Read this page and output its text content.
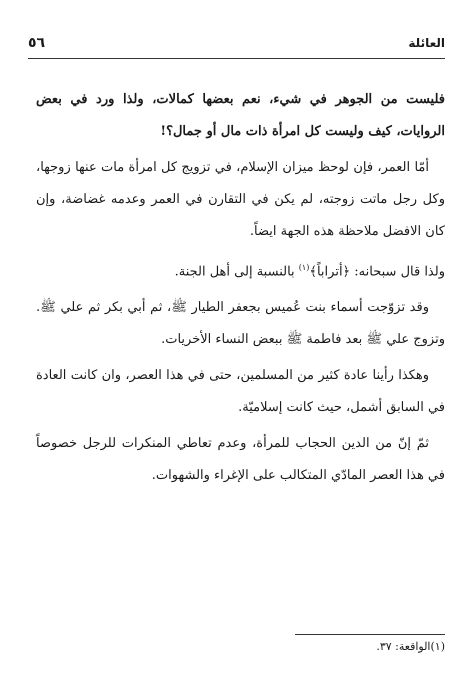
٥٦	العائلة

فليست من الجوهر في شيء، نعم بعضها كمالات، ولذا ورد في بعض الروايات، كيف وليست كل امرأة ذات مال أو جمال؟!

أمّا العمر، فإن لوحظ ميزان الإسلام، في تزويج كل امرأة مات عنها زوجها، وكل رجل ماتت زوجته، لم يكن في التقارن في العمر وعدمه غضاضة، وإن كان الافضل ملاحظة هذه الجهة ايضاً.

ولذا قال سبحانه: ﴿أتراباً﴾$^{(١)}$ بالنسبة إلى أهل الجنة.

وقد تزوّجت أسماء بنت عُميس بجعفر الطيار ﷺ، ثم أبي بكر ثم علي ﷺ. وتزوج علي ﷺ بعد فاطمة ﷺ ببعض النساء الأخريات.

وهكذا رأينا عادة كثير من المسلمين، حتى في هذا العصر، وان كانت العادة في السابق أشمل، حيث كانت إسلاميّة.

ثمّ إنّ من الدين الحجاب للمرأة، وعدم تعاطي المنكرات للرجل خصوصاً في هذا العصر المادّي المتكالب على الإغراء والشهوات.

(١)الواقعة: ٣٧.
